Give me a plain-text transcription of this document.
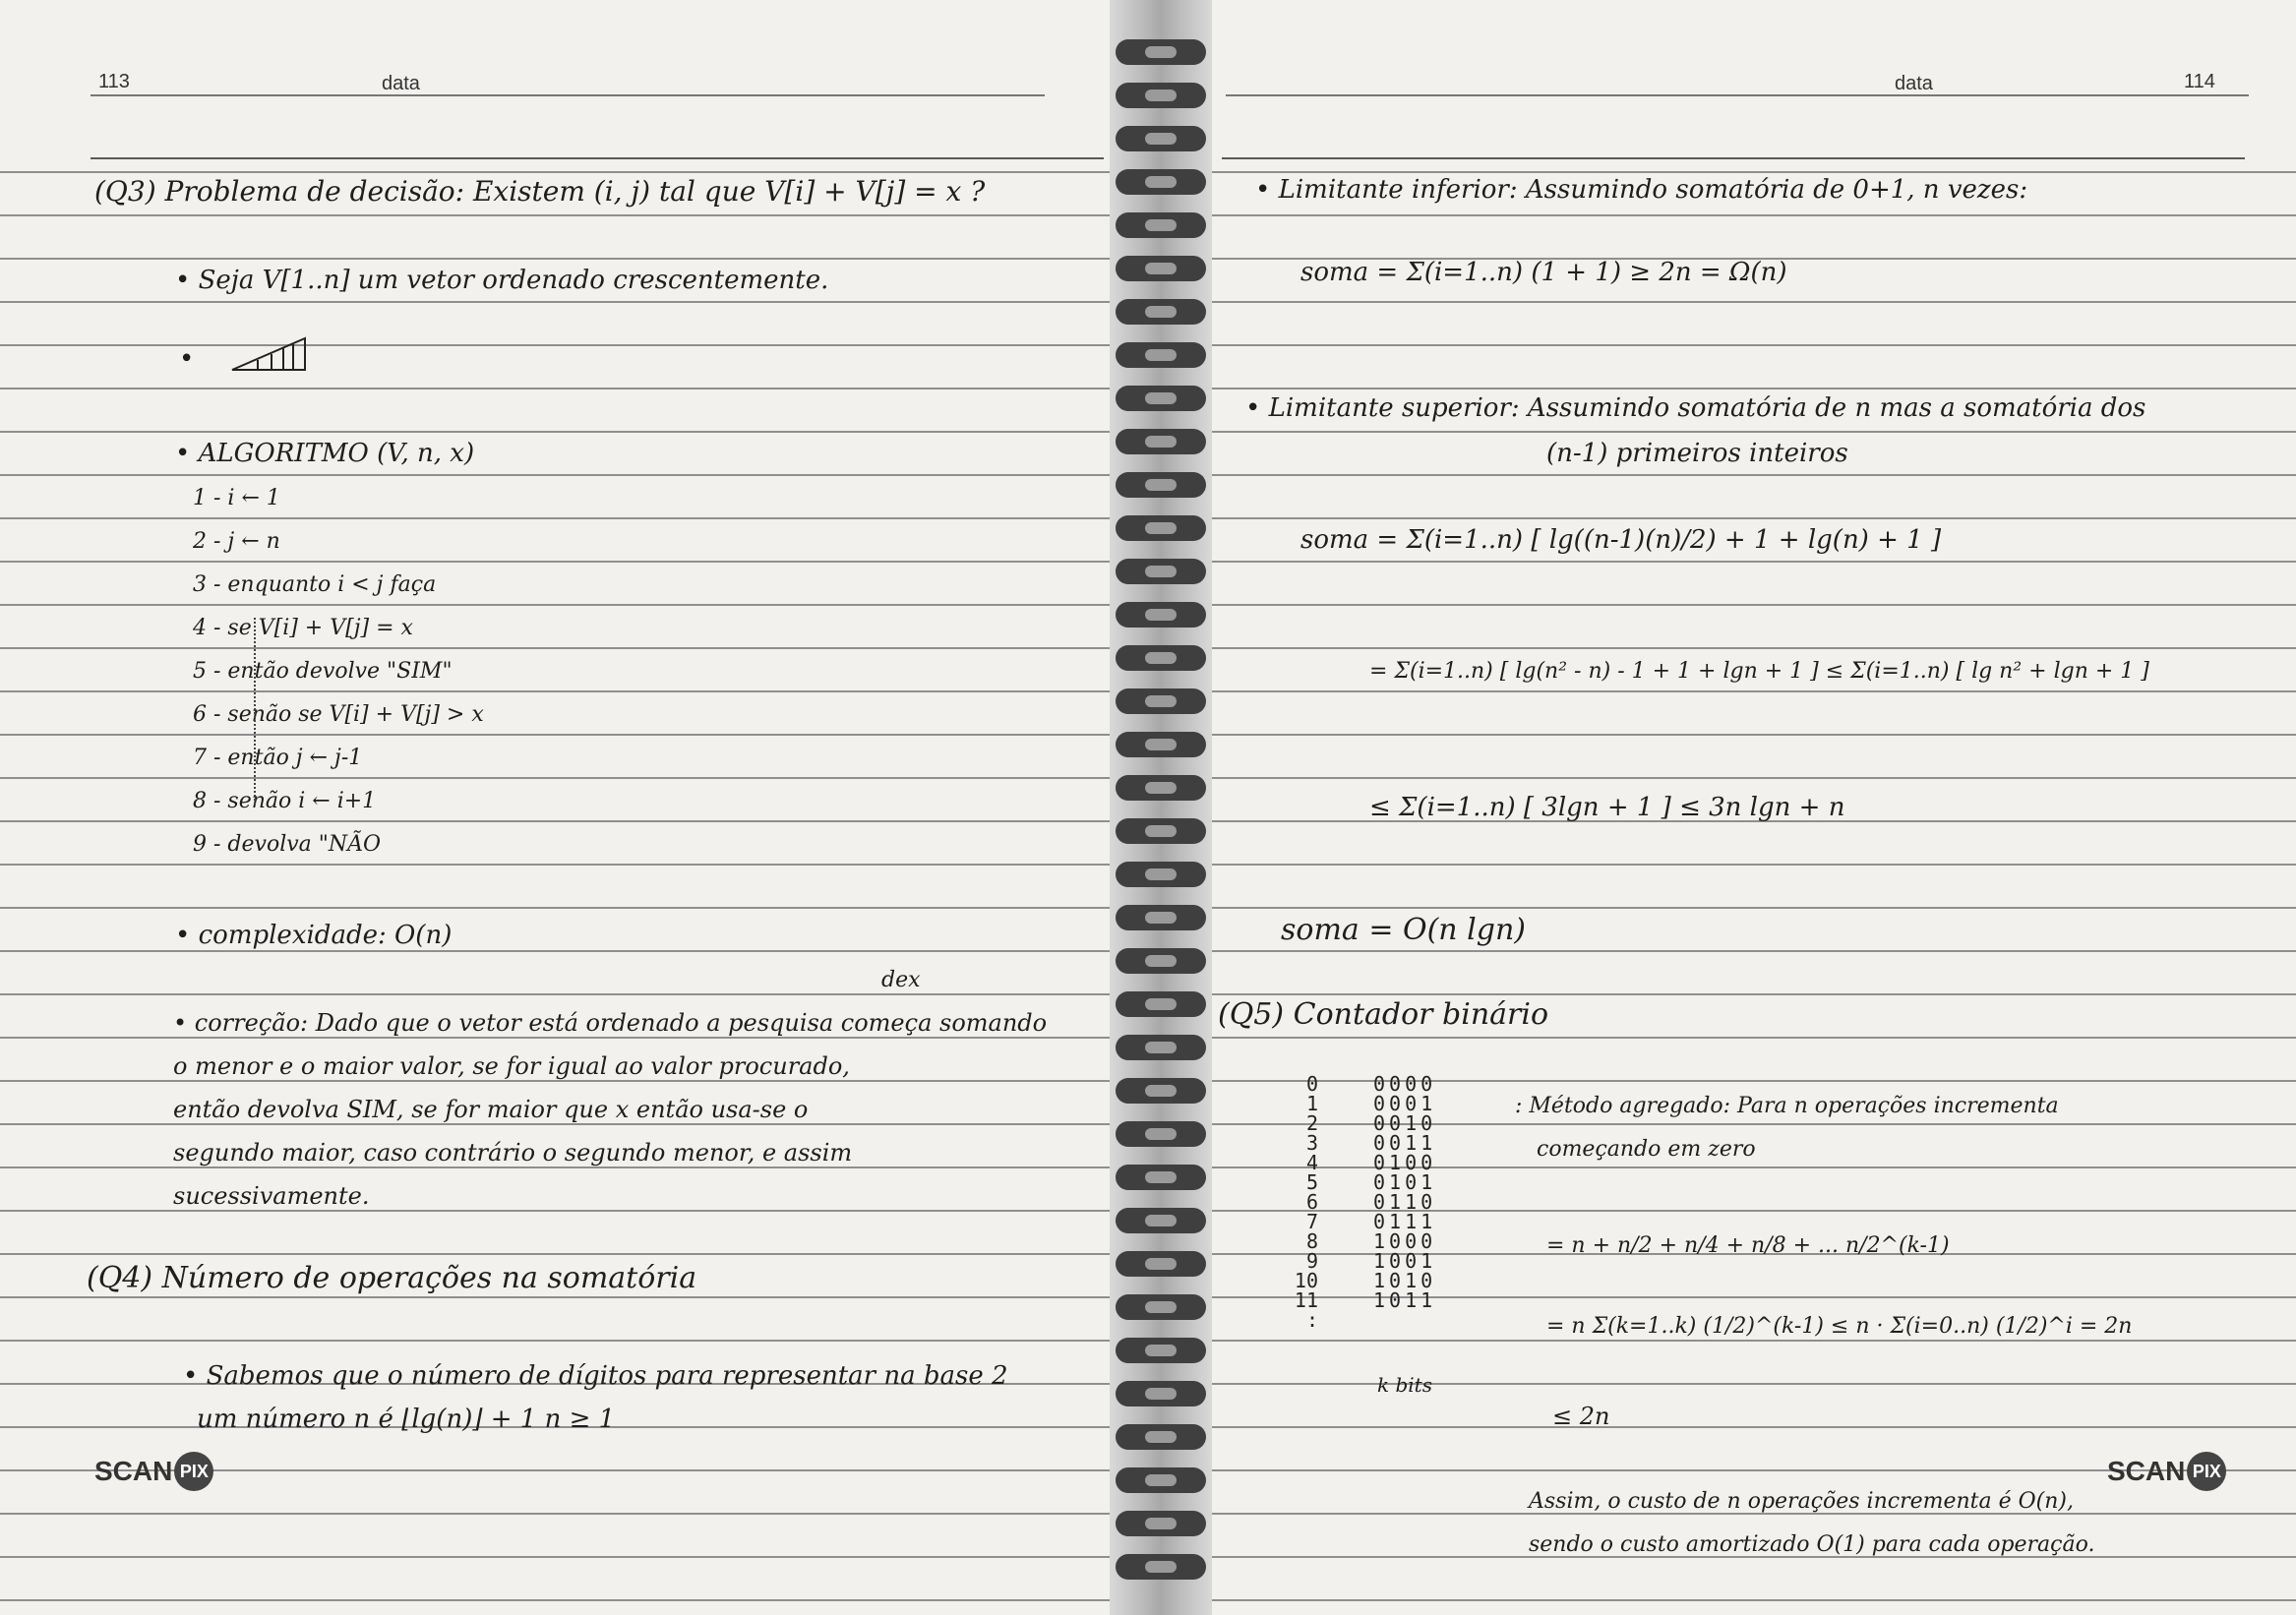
113	data
(Q3) Problema de decisão: Existem (i, j) tal que V[i] + V[j] = x ?
• Seja V[1..n] um vetor ordenado crescentemente.
•
• ALGORITMO (V, n, x)
1 - i ← 1
2 - j ← n
3 - enquanto i < j faça
4 - se V[i] + V[j] = x
5 - então devolve "SIM"
6 - senão se V[i] + V[j] > x
7 - então j ← j-1
8 - senão i ← i+1
9 - devolva "NÃO
• complexidade: O(n)
dex
• correção: Dado que o vetor está ordenado a pesquisa começa somando
o menor e o maior valor, se for igual ao valor procurado,
então devolva SIM, se for maior que x então usa-se o
segundo maior, caso contrário o segundo menor, e assim
sucessivamente.
(Q4) Número de operações na somatória
• Sabemos que o número de dígitos para representar na base 2
um número n é ⌊lg(n)⌋ + 1 n ≥ 1
SCAN PIX
data	114
• Limitante inferior: Assumindo somatória de 0+1, n vezes:
soma = Σ(i=1..n) (1 + 1) ≥ 2n = Ω(n)
• Limitante superior: Assumindo somatória de n mas a somatória dos
(n-1) primeiros inteiros
soma = Σ(i=1..n) [ lg((n-1)(n)/2) + 1 + lg(n) + 1 ]
= Σ(i=1..n) [ lg(n² - n) - 1 + 1 + lgn + 1 ] ≤ Σ(i=1..n) [ lg n² + lgn + 1 ]
≤ Σ(i=1..n) [ 3lgn + 1 ] ≤ 3n lgn + n
soma = O(n lgn)
(Q5) Contador binário
0
1
2
3
4
5
6
7
8
9
10
11
:
0000
0001
0010
0011
0100
0101
0110
0111
1000
1001
1010
1011
k bits
: Método agregado: Para n operações incrementa
começando em zero
= n + n/2 + n/4 + n/8 + ... n/2^(k-1)
= n Σ(k=1..k) (1/2)^(k-1) ≤ n · Σ(i=0..n) (1/2)^i = 2n
≤ 2n
SCAN PIX
Assim, o custo de n operações incrementa é O(n),
sendo o custo amortizado O(1) para cada operação.
